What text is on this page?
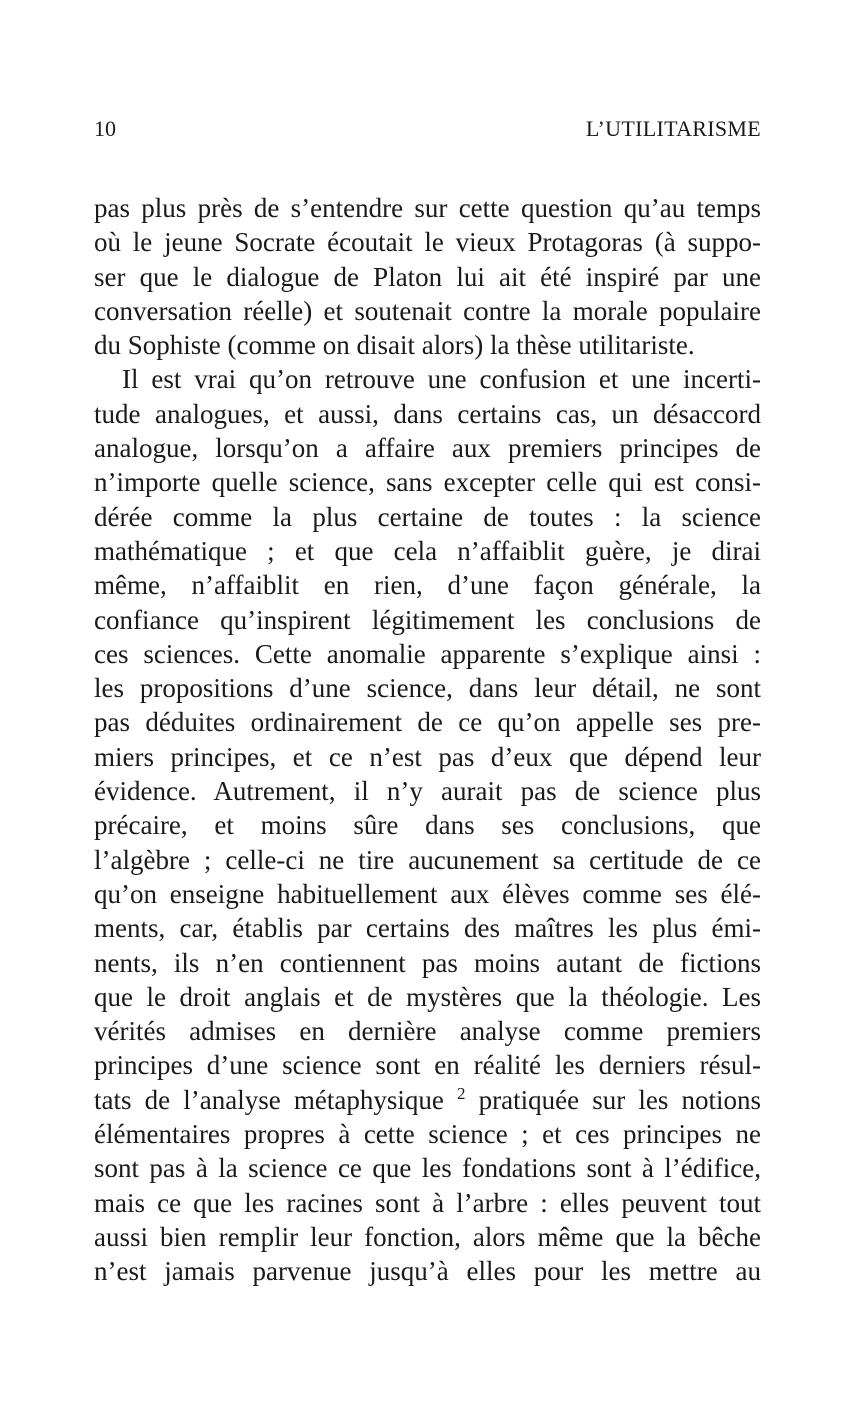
10	L’UTILITARISME
pas plus près de s’entendre sur cette question qu’au temps
où le jeune Socrate écoutait le vieux Protagoras (à suppo-
ser que le dialogue de Platon lui ait été inspiré par une
conversation réelle) et soutenait contre la morale populaire
du Sophiste (comme on disait alors) la thèse utilitariste.
Il est vrai qu’on retrouve une confusion et une incerti-
tude analogues, et aussi, dans certains cas, un désaccord
analogue, lorsqu’on a affaire aux premiers principes de
n’importe quelle science, sans excepter celle qui est consi-
dérée comme la plus certaine de toutes : la science
mathématique ; et que cela n’affaiblit guère, je dirai
même, n’affaiblit en rien, d’une façon générale, la
confiance qu’inspirent légitimement les conclusions de
ces sciences. Cette anomalie apparente s’explique ainsi :
les propositions d’une science, dans leur détail, ne sont
pas déduites ordinairement de ce qu’on appelle ses pre-
miers principes, et ce n’est pas d’eux que dépend leur
évidence. Autrement, il n’y aurait pas de science plus
précaire, et moins sûre dans ses conclusions, que
l’algèbre ; celle-ci ne tire aucunement sa certitude de ce
qu’on enseigne habituellement aux élèves comme ses élé-
ments, car, établis par certains des maîtres les plus émi-
nents, ils n’en contiennent pas moins autant de fictions
que le droit anglais et de mystères que la théologie. Les
vérités admises en dernière analyse comme premiers
principes d’une science sont en réalité les derniers résul-
tats de l’analyse métaphysique $^2$ pratiquée sur les notions
élémentaires propres à cette science ; et ces principes ne
sont pas à la science ce que les fondations sont à l’édifice,
mais ce que les racines sont à l’arbre : elles peuvent tout
aussi bien remplir leur fonction, alors même que la bêche
n’est jamais parvenue jusqu’à elles pour les mettre au
